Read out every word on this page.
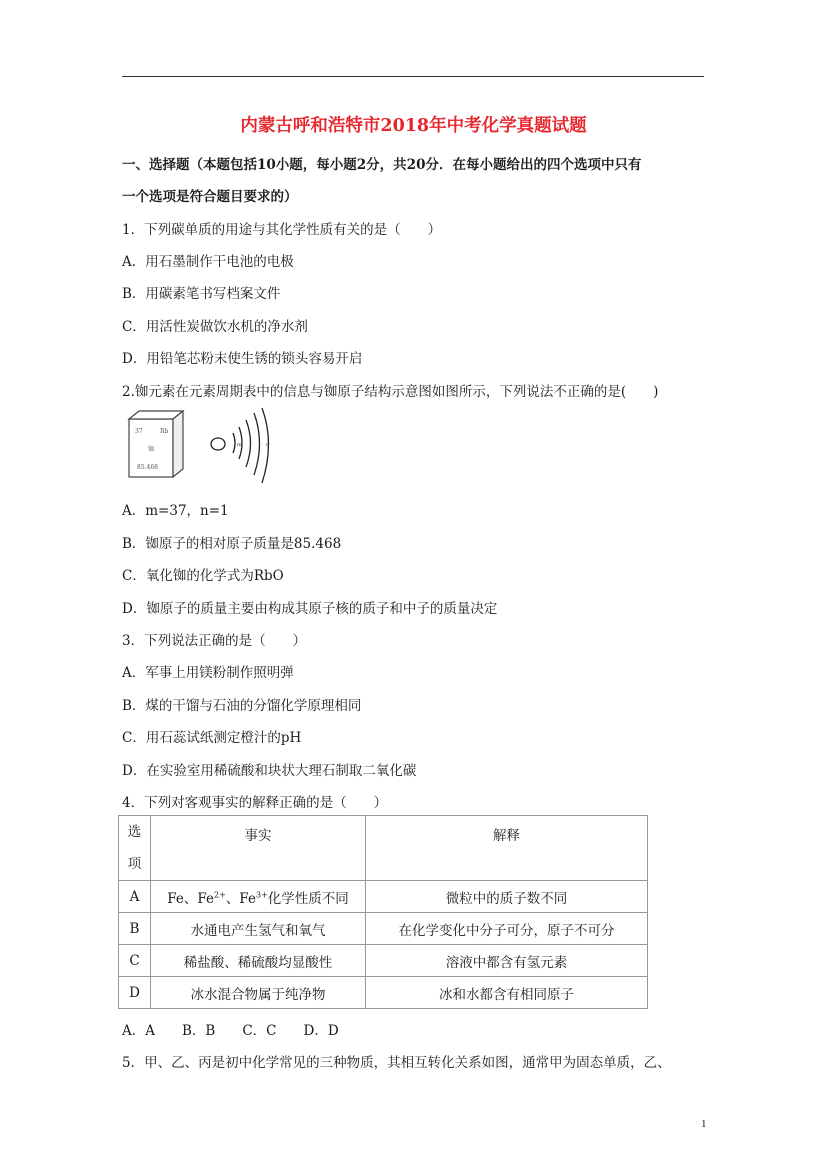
内蒙古呼和浩特市2018年中考化学真题试题
一、选择题（本题包括10小题，每小题2分，共20分．在每小题给出的四个选项中只有
一个选项是符合题目要求的）
1．下列碳单质的用途与其化学性质有关的是（　　）
A．用石墨制作干电池的电极
B．用碳素笔书写档案文件
C．用活性炭做饮水机的净水剂
D．用铅笔芯粉末使生锈的锁头容易开启
2.铷元素在元素周期表中的信息与铷原子结构示意图如图所示，下列说法不正确的是(　　)
37	Rb
铷
85.468
m	n
A．m=37，n=1
B．铷原子的相对原子质量是85.468
C．氧化铷的化学式为RbO
D．铷原子的质量主要由构成其原子核的质子和中子的质量决定
3．下列说法正确的是（　　）
A．军事上用镁粉制作照明弹
B．煤的干馏与石油的分馏化学原理相同
C．用石蕊试纸测定橙汁的pH
D．在实验室用稀硫酸和块状大理石制取二氧化碳
4．下列对客观事实的解释正确的是（　　）
选
项	事实	解释
A	Fe、$Fe^{2+}$、$Fe^{3+}$化学性质不同	微粒中的质子数不同
B	水通电产生氢气和氧气	在化学变化中分子可分，原子不可分
C	稀盐酸、稀硫酸均显酸性	溶液中都含有氢元素
D	冰水混合物属于纯净物	冰和水都含有相同原子
A．A　　B．B　　C．C　　D．D
5．甲、乙、丙是初中化学常见的三种物质，其相互转化关系如图，通常甲为固态单质，乙、
1
